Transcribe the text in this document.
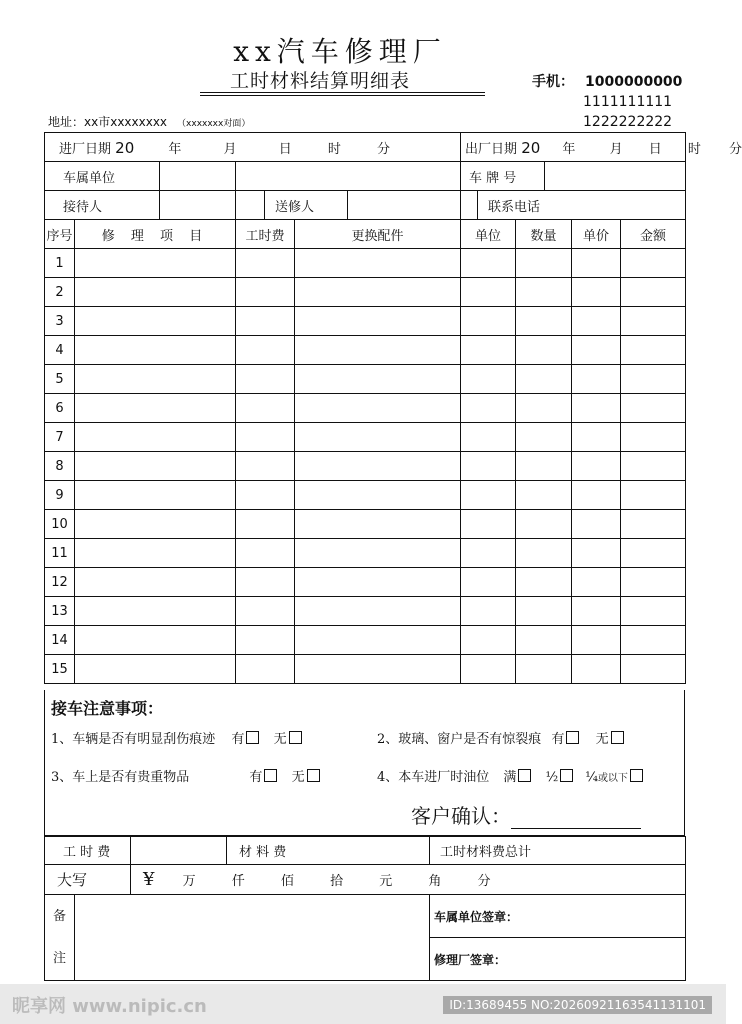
xx汽车修理厂
工时材料结算明细表	手机： 1000000000
1111111111
1222222222
地址：xx市xxxxxxxx （xxxxxxx对面）
进厂日期 20 年 月 日 时 分				出厂日期 20 年 月 日 时 分			

车属单位				车 牌 号			

接待人		送修人		联系电话			

序号	修 理 项 目	工时费	更换配件	单位	数量	单价	金额
1							
2							
3							
4							
5							
6							
7							
8							
9							
10							
11							
12							
13							
14							
15							
接车注意事项：
1、车辆是否有明显刮伤痕迹 有 无	2、玻璃、窗户是否有惊裂痕 有 无
3、车上是否有贵重物品	有 无	4、本车进厂时油位 满 ½ ¼或以下
客户确认：
工 时 费			材 料 费	工时材料费总计
大写		¥ 万 仟 佰 拾 元 角 分		

备
注				车属单位签章：
				修理厂签章：
昵享网 www.nipic.cn	ID:13689455 NO:20260921163541131101
